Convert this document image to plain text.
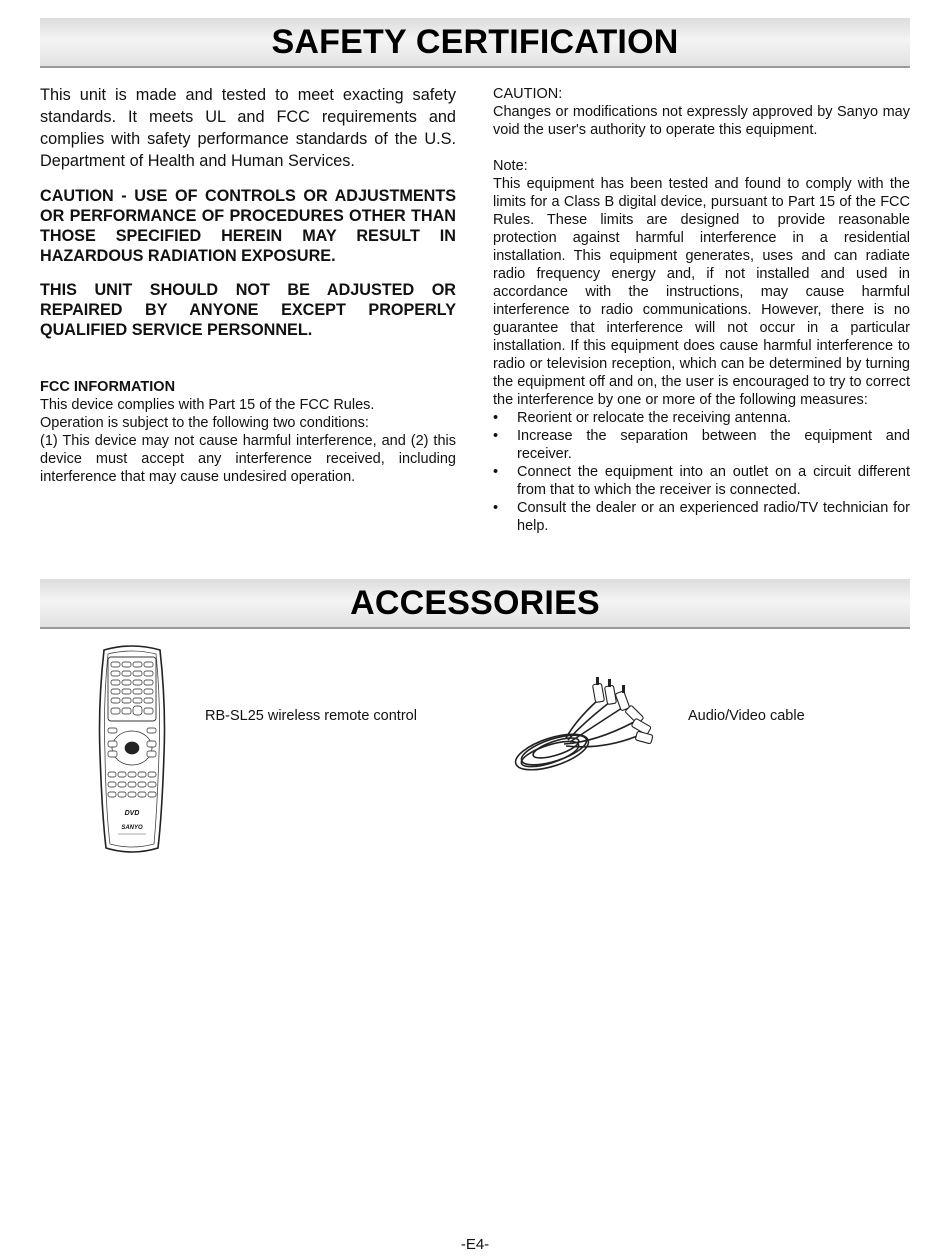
SAFETY CERTIFICATION

This unit is made and tested to meet exacting safety standards. It meets UL and FCC requirements and complies with safety performance standards of the U.S. Department of Health and Human Services.

CAUTION - USE OF CONTROLS OR ADJUSTMENTS OR PERFORMANCE OF PROCEDURES OTHER THAN THOSE SPECIFIED HEREIN MAY RESULT IN HAZARDOUS RADIATION EXPOSURE.

THIS UNIT SHOULD NOT BE ADJUSTED OR REPAIRED BY ANYONE EXCEPT PROPERLY QUALIFIED SERVICE PERSONNEL.

FCC INFORMATION

This device complies with Part 15 of the FCC Rules.

Operation is subject to the following two conditions:

(1) This device may not cause harmful interference, and (2) this device must accept any interference received, including interference that may cause undesired operation.

CAUTION:

Changes or modifications not expressly approved by Sanyo may void the user's authority to operate this equipment.

Note:

This equipment has been tested and found to comply with the limits for a Class B digital device, pursuant to Part 15 of the FCC Rules. These limits are designed to provide reasonable protection against harmful interference in a residential installation. This equipment generates, uses and can radiate radio frequency energy and, if not installed and used in accordance with the instructions, may cause harmful interference to radio communications. However, there is no guarantee that interference will not occur in a particular installation. If this equipment does cause harmful interference to radio or television reception, which can be determined by turning the equipment off and on, the user is encouraged to try to correct the interference by one or more of the following measures:

• Reorient or relocate the receiving antenna.
• Increase the separation between the equipment and receiver.
• Connect the equipment into an outlet on a circuit different from that to which the receiver is connected.
• Consult the dealer or an experienced radio/TV technician for help.
ACCESSORIES
DVD
SANYO
RB-SL25 wireless remote control	Audio/Video cable
-E4-
